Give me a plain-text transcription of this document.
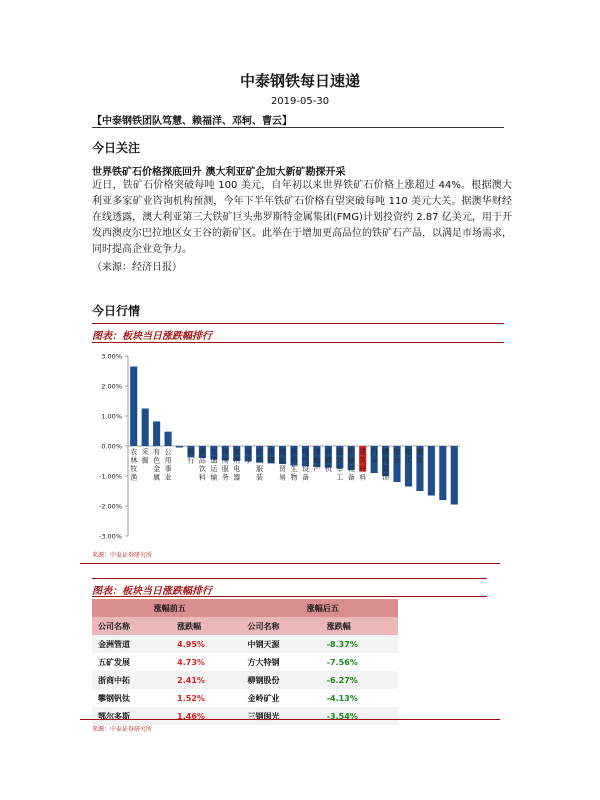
中泰钢铁每日速递
2019-05-30
【中泰钢铁团队笃慧、赖福洋、邓轲、曹云】
今日关注
世界铁矿石价格探底回升 澳大利亚矿企加大新矿勘探开采
近日，铁矿石价格突破每吨 100 美元，自年初以来世界铁矿石价格上涨超过 44%。根据澳大利亚多家矿业咨询机构预测，今年下半年铁矿石价格有望突破每吨 110 美元大关。据澳华财经在线透露，澳大利亚第三大铁矿巨头弗罗斯特金属集团(FMG)计划投资约 2.87 亿美元，用于开发西澳皮尔巴拉地区女王谷的新矿区。此举在于增加更高品位的铁矿石产品，以满足市场需求，同时提高企业竞争力。
（来源：经济日报）
今日行情
图表：板块当日涨跌幅排行
3.00%
2.00%
1.00%
0.00%
-1.00%
-2.00%
-3.00%
农林牧渔
采掘
有色金属
公用事业
银行
食品饮料
交通运输
休闲服务
家用电器
电子
纺织服装
传媒
商业贸易
医药生物
电气设备
房地产
计算机
国防军工
机械设备
建筑材料
汽车
建筑装饰
综合
化工
钢铁
来源：中泰证券研究所
图表：板块当日涨跌幅排行
涨幅前五		涨幅后五	
公司名称	涨跌幅	公司名称	涨跌幅
金洲管道	4.95%	中钢天源	-8.37%
五矿发展	4.73%	方大特钢	-7.56%
浙商中拓	2.41%	柳钢股份	-6.27%
攀钢钒钛	1.52%	金岭矿业	-4.13%
鄂尔多斯	1.46%	三钢闽光	-3.54%
来源：中泰证券研究所
